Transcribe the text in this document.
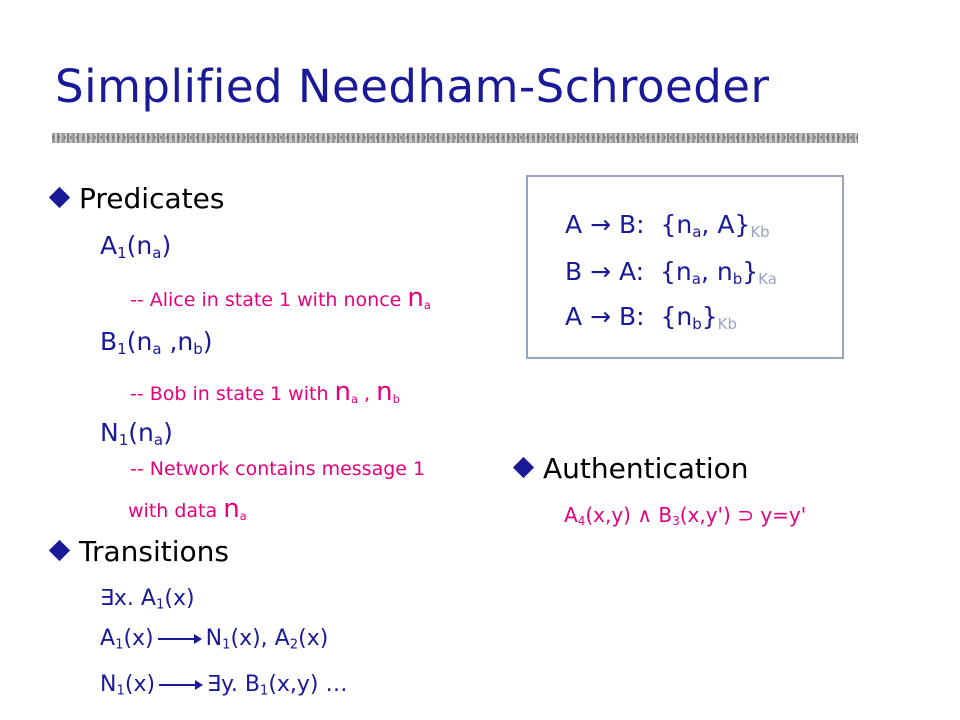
Simplified Needham-Schroeder
Predicates
$A_1(n_a)$
-- Alice in state 1 with nonce $n_a$
$B_1(n_a$ $,n_b$)
-- Bob in state 1 with $n_a$ , $n_b$
$N_1(n_a)$
-- Network contains message 1
with data $n_a$
Transitions
∃x. $A_1(x)$
$A_1(x)$ $N_1(x)$, $A_2(x)$
$N_1(x)$ ∃y. $B_1(x,y)$ …
A → B: {$n_a$, $A\}_{Kb}$
B → A: {$n_a$, $n_b\}_{Ka}$
A → B: $\{n_b\}_{Kb}$
Authentication
$A_4(x,y)$ ∧ $B_3(x,y')$ ⊃ y=y'
